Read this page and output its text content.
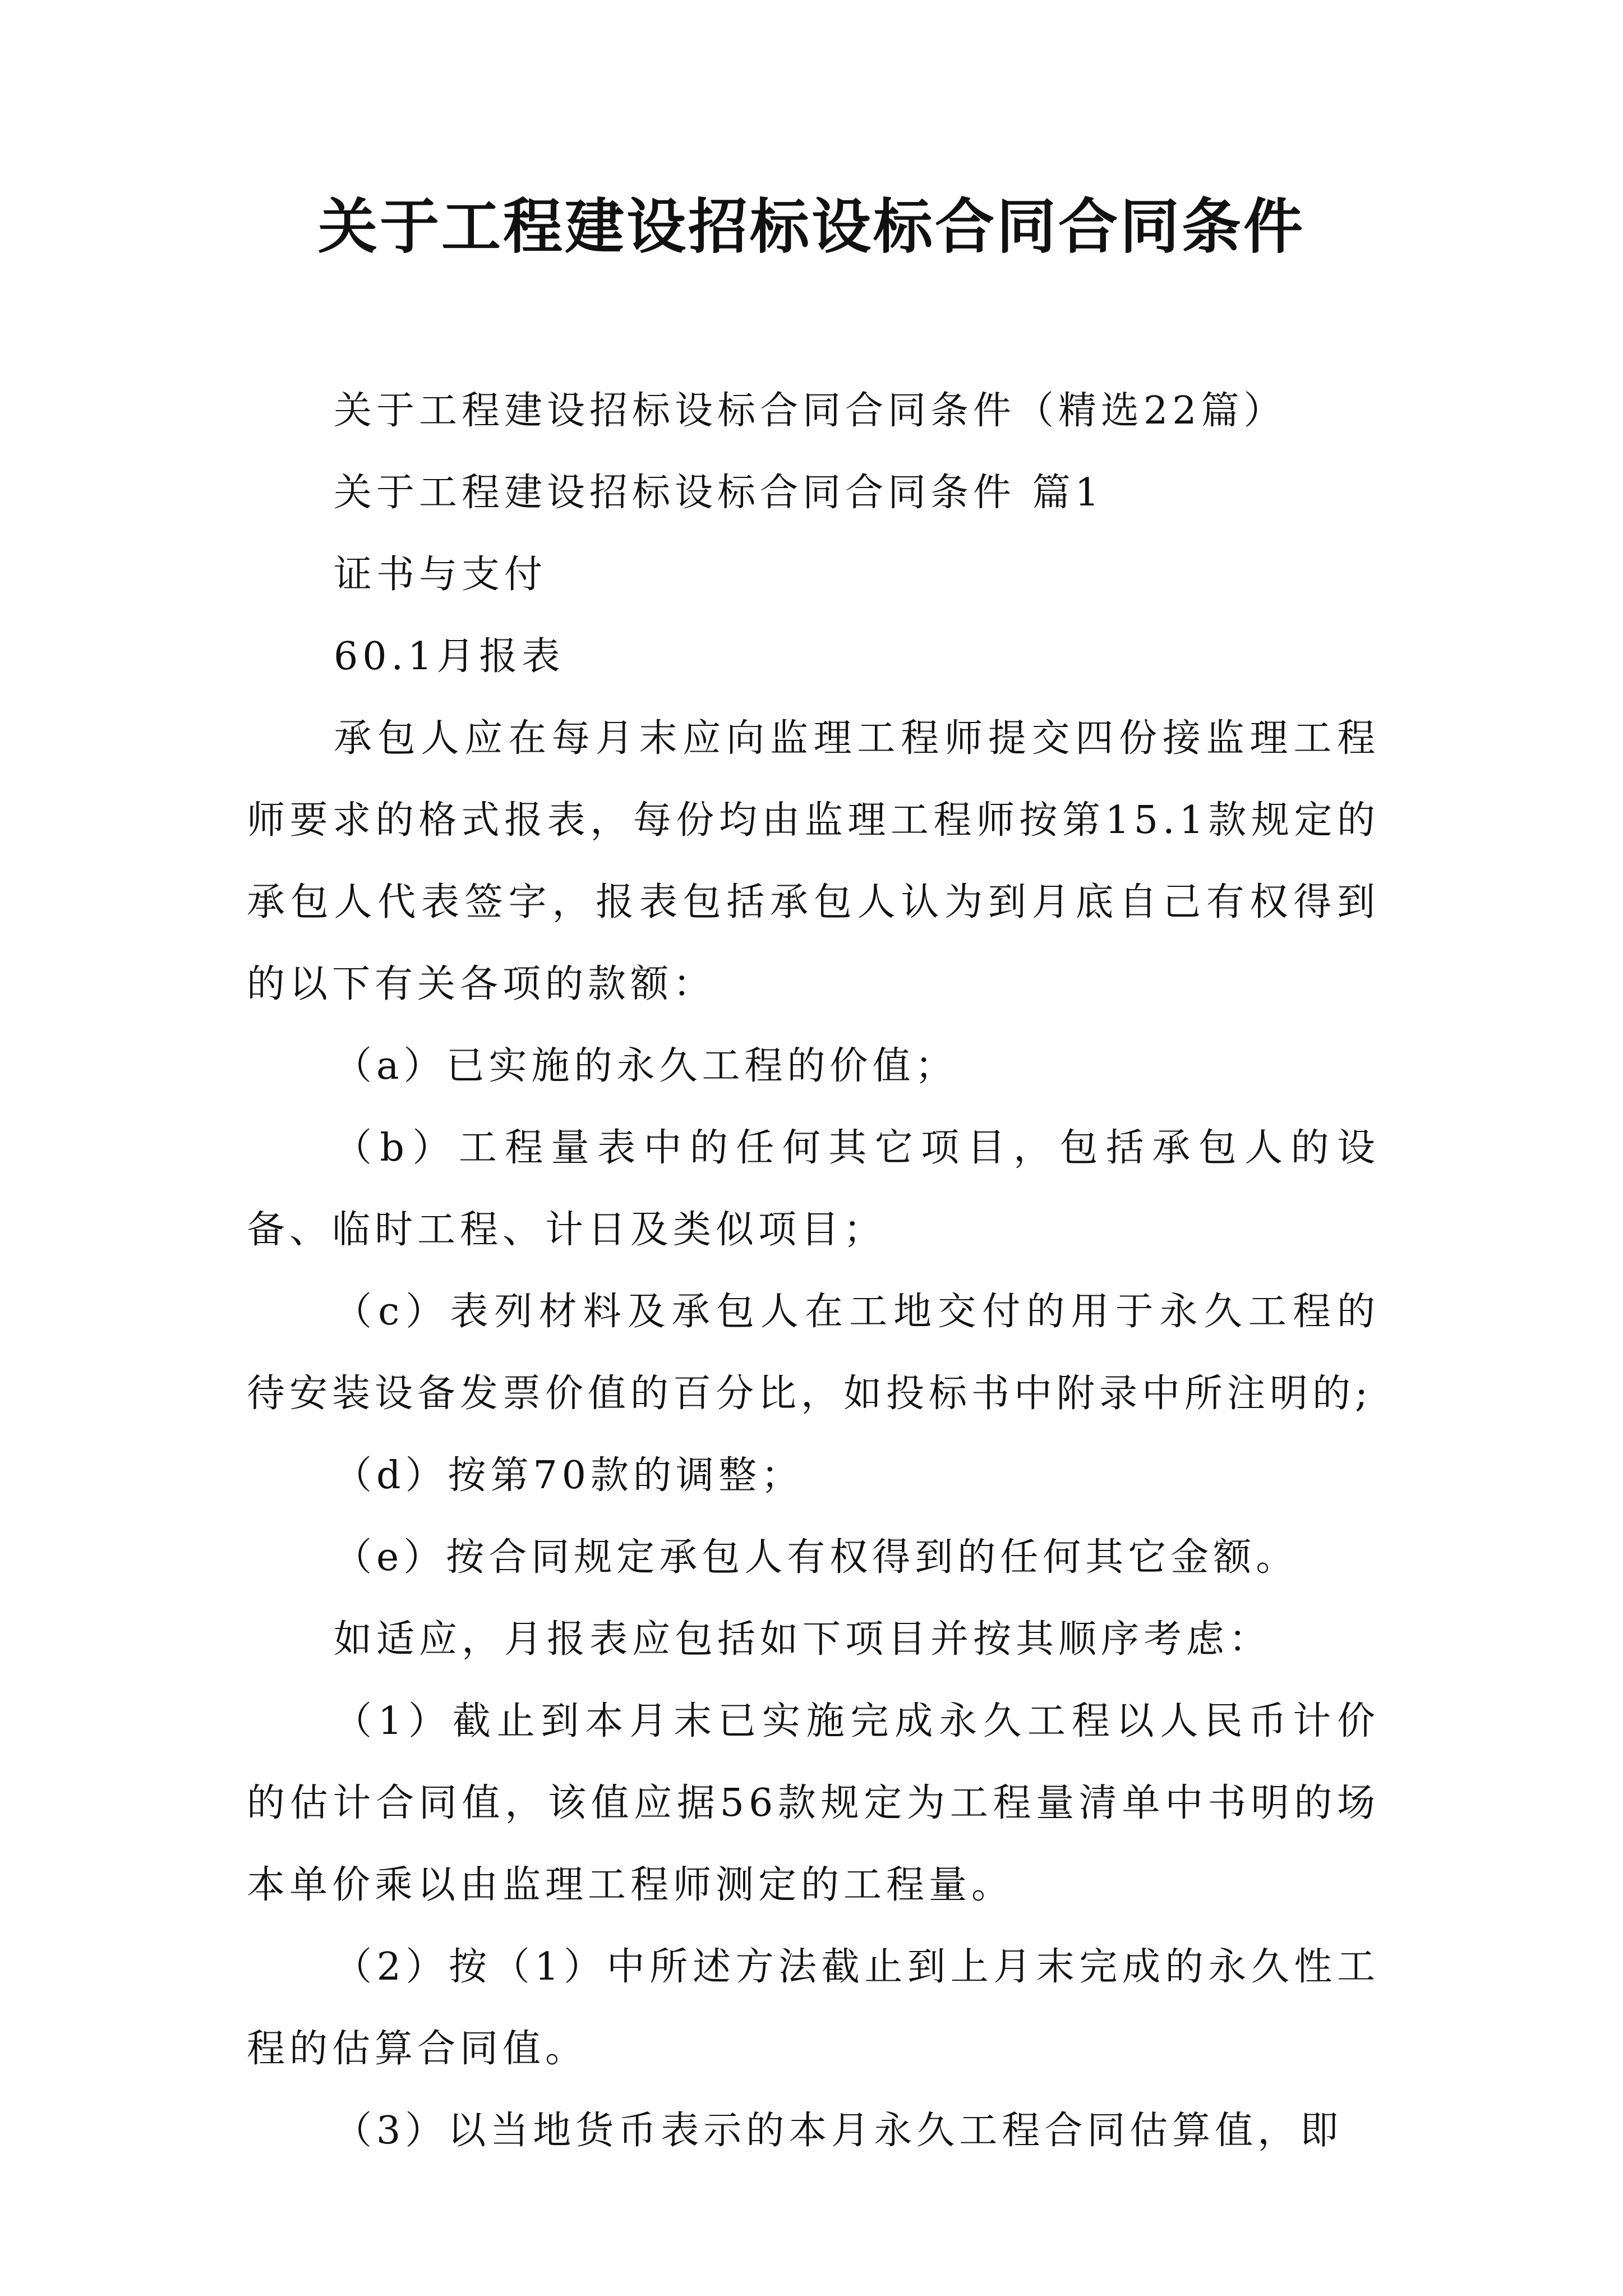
关于工程建设招标设标合同合同条件

关于工程建设招标设标合同合同条件（精选22篇）

关于工程建设招标设标合同合同条件 篇1

证书与支付

60.1月报表

承包人应在每月末应向监理工程师提交四份接监理工程师要求的格式报表，每份均由监理工程师按第15.1款规定的承包人代表签字，报表包括承包人认为到月底自己有权得到的以下有关各项的款额：

（a）已实施的永久工程的价值；

（b）工程量表中的任何其它项目，包括承包人的设备、临时工程、计日及类似项目；

（c）表列材料及承包人在工地交付的用于永久工程的待安装设备发票价值的百分比，如投标书中附录中所注明的;

（d）按第70款的调整；

（e）按合同规定承包人有权得到的任何其它金额。

如适应，月报表应包括如下项目并按其顺序考虑：

（1）截止到本月末已实施完成永久工程以人民币计价的估计合同值，该值应据56款规定为工程量清单中书明的场本单价乘以由监理工程师测定的工程量。

（2）按（1）中所述方法截止到上月末完成的永久性工程的估算合同值。

（3）以当地货币表示的本月永久工程合同估算值，即
